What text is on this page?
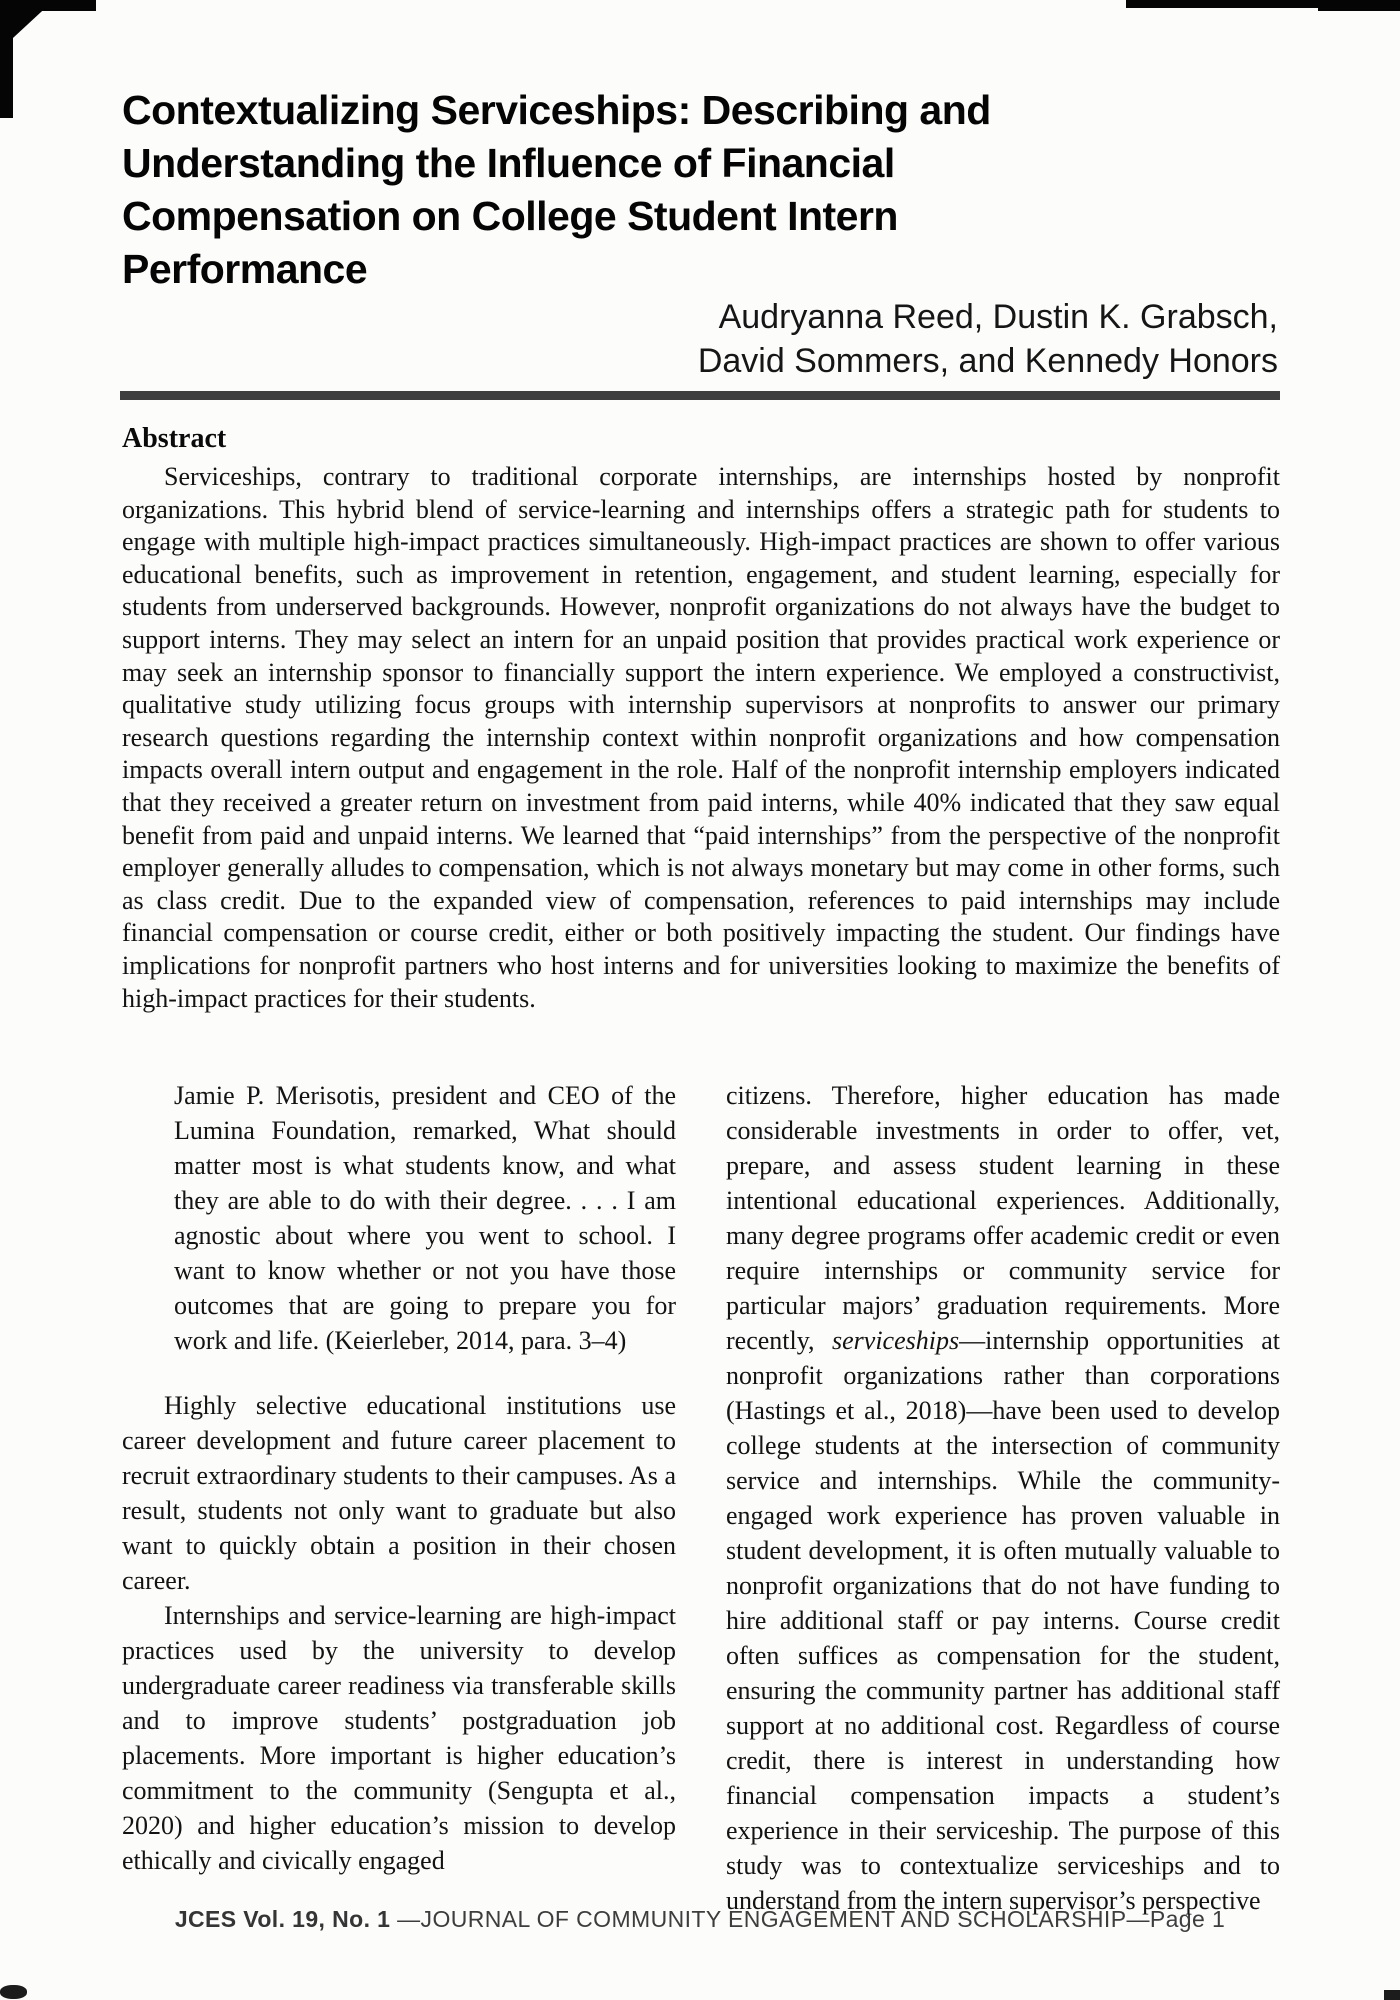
Contextualizing Serviceships: Describing and
Understanding the Influence of Financial
Compensation on College Student Intern
Performance
Audryanna Reed, Dustin K. Grabsch,
David Sommers, and Kennedy Honors
Abstract
Serviceships, contrary to traditional corporate internships, are internships hosted by nonprofit organizations. This hybrid blend of service-learning and internships offers a strategic path for students to engage with multiple high-impact practices simultaneously. High-impact practices are shown to offer various educational benefits, such as improvement in retention, engagement, and student learning, especially for students from underserved backgrounds. However, nonprofit organizations do not always have the budget to support interns. They may select an intern for an unpaid position that provides practical work experience or may seek an internship sponsor to financially support the intern experience. We employed a constructivist, qualitative study utilizing focus groups with internship supervisors at nonprofits to answer our primary research questions regarding the internship context within nonprofit organizations and how compensation impacts overall intern output and engagement in the role. Half of the nonprofit internship employers indicated that they received a greater return on investment from paid interns, while 40% indicated that they saw equal benefit from paid and unpaid interns. We learned that “paid internships” from the perspective of the nonprofit employer generally alludes to compensation, which is not always monetary but may come in other forms, such as class credit. Due to the expanded view of compensation, references to paid internships may include financial compensation or course credit, either or both positively impacting the student. Our findings have implications for nonprofit partners who host interns and for universities looking to maximize the benefits of high-impact practices for their students.

Jamie P. Merisotis, president and CEO of the Lumina Foundation, remarked, What should matter most is what students know, and what they are able to do with their degree. . . . I am agnostic about where you went to school. I want to know whether or not you have those outcomes that are going to prepare you for work and life. (Keierleber, 2014, para. 3–4)

Highly selective educational institutions use career development and future career placement to recruit extraordinary students to their campuses. As a result, students not only want to graduate but also want to quickly obtain a position in their chosen career.

Internships and service-learning are high-impact practices used by the university to develop undergraduate career readiness via transferable skills and to improve students’ postgraduation job placements. More important is higher education’s commitment to the community (Sengupta et al., 2020) and higher education’s mission to develop ethically and civically engaged

citizens. Therefore, higher education has made considerable investments in order to offer, vet, prepare, and assess student learning in these intentional educational experiences. Additionally, many degree programs offer academic credit or even require internships or community service for particular majors’ graduation requirements. More recently, serviceships—internship opportunities at nonprofit organizations rather than corporations (Hastings et al., 2018)—have been used to develop college students at the intersection of community service and internships. While the community-engaged work experience has proven valuable in student development, it is often mutually valuable to nonprofit organizations that do not have funding to hire additional staff or pay interns. Course credit often suffices as compensation for the student, ensuring the community partner has additional staff support at no additional cost. Regardless of course credit, there is interest in understanding how financial compensation impacts a student’s experience in their serviceship. The purpose of this study was to contextualize serviceships and to understand from the intern supervisor’s perspective

JCES Vol. 19, No. 1 —JOURNAL OF COMMUNITY ENGAGEMENT AND SCHOLARSHIP—Page 1
